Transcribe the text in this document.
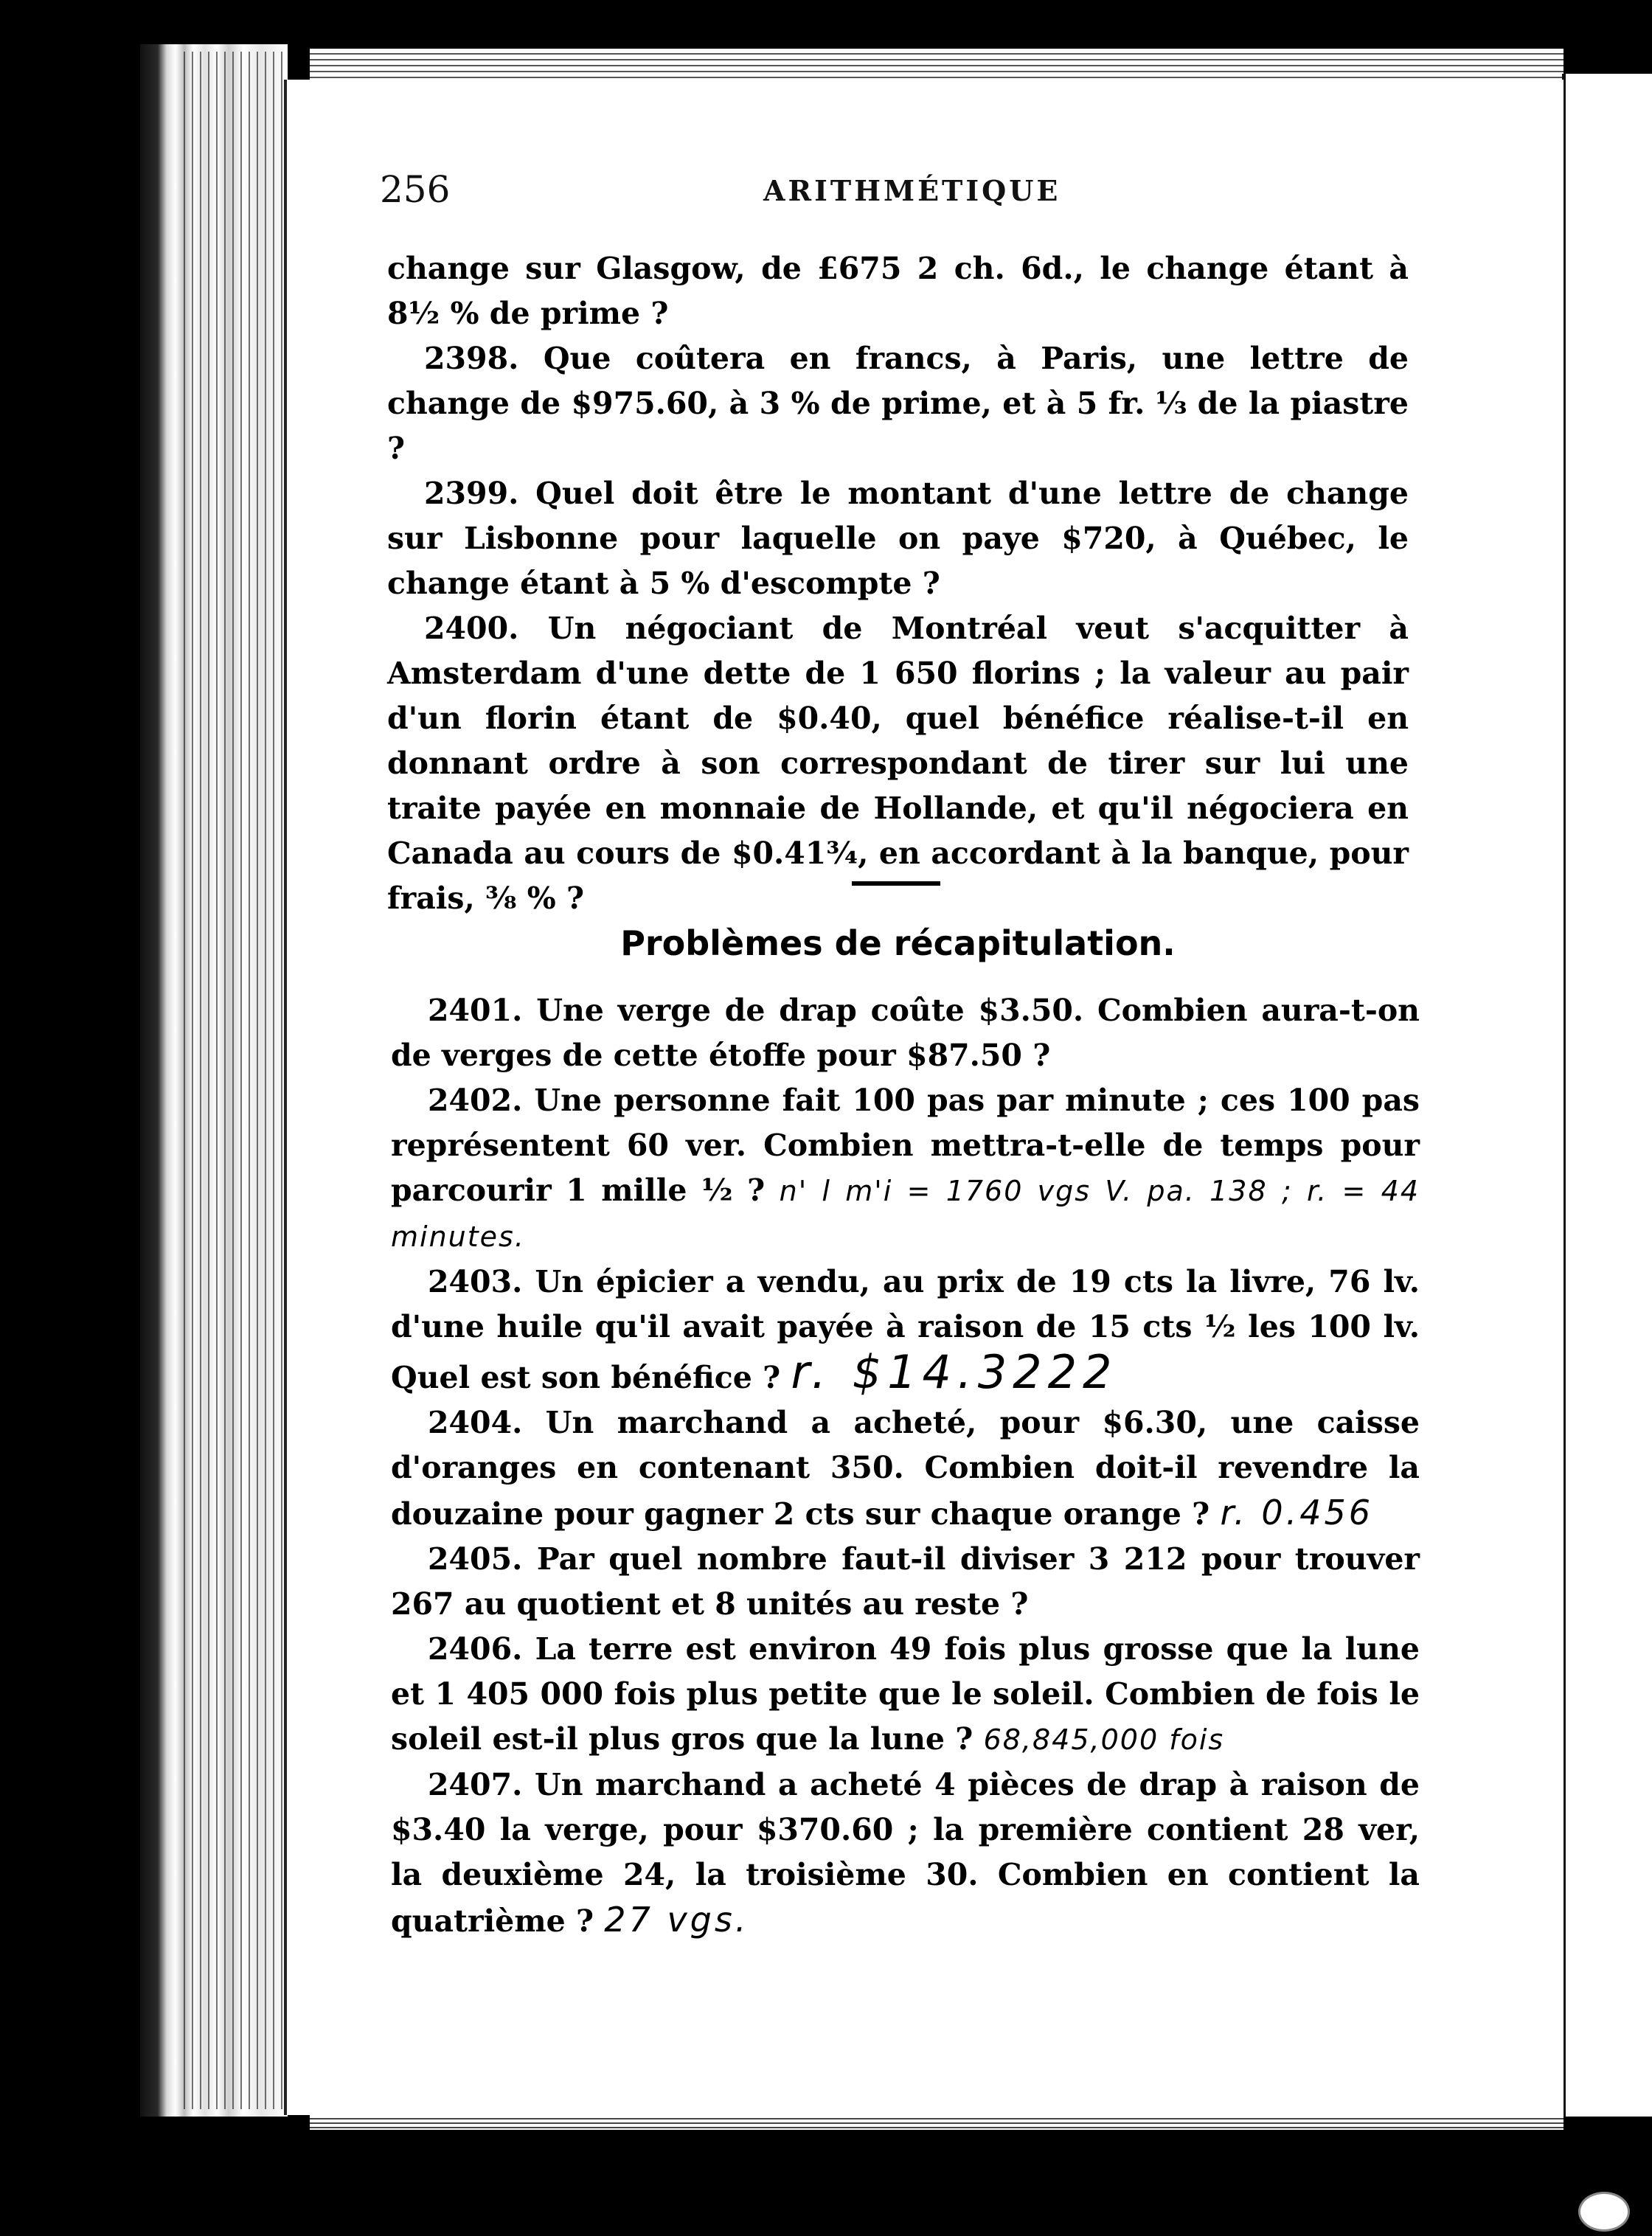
256	ARITHMÉTIQUE

change sur Glasgow, de £675 2 ch. 6d., le change étant à 8½ % de prime ?

2398. Que coûtera en francs, à Paris, une lettre de change de $975.60, à 3 % de prime, et à 5 fr. ⅓ de la piastre ?

2399. Quel doit être le montant d'une lettre de change sur Lisbonne pour laquelle on paye $720, à Québec, le change étant à 5 % d'escompte ?

2400. Un négociant de Montréal veut s'acquitter à Amsterdam d'une dette de 1 650 florins ; la valeur au pair d'un florin étant de $0.40, quel bénéfice réalise-t-il en donnant ordre à son correspondant de tirer sur lui une traite payée en monnaie de Hollande, et qu'il négociera en Canada au cours de $0.41¾, en accordant à la banque, pour frais, ⅜ % ?

Problèmes de récapitulation.

2401. Une verge de drap coûte $3.50. Combien aura-t-on de verges de cette étoffe pour $87.50 ?

2402. Une personne fait 100 pas par minute ; ces 100 pas représentent 60 ver. Combien mettra-t-elle de temps pour parcourir 1 mille ½ ? n' l m'i = 1760 vgs V. pa. 138 ; r. = 44 minutes.

2403. Un épicier a vendu, au prix de 19 cts la livre, 76 lv. d'une huile qu'il avait payée à raison de 15 cts ½ les 100 lv. Quel est son bénéfice ? r. $14.3222

2404. Un marchand a acheté, pour $6.30, une caisse d'oranges en contenant 350. Combien doit-il revendre la douzaine pour gagner 2 cts sur chaque orange ? r. 0.456

2405. Par quel nombre faut-il diviser 3 212 pour trouver 267 au quotient et 8 unités au reste ?

2406. La terre est environ 49 fois plus grosse que la lune et 1 405 000 fois plus petite que le soleil. Combien de fois le soleil est-il plus gros que la lune ? 68,845,000 fois

2407. Un marchand a acheté 4 pièces de drap à raison de $3.40 la verge, pour $370.60 ; la première contient 28 ver, la deuxième 24, la troisième 30. Combien en contient la quatrième ? 27 vgs.
